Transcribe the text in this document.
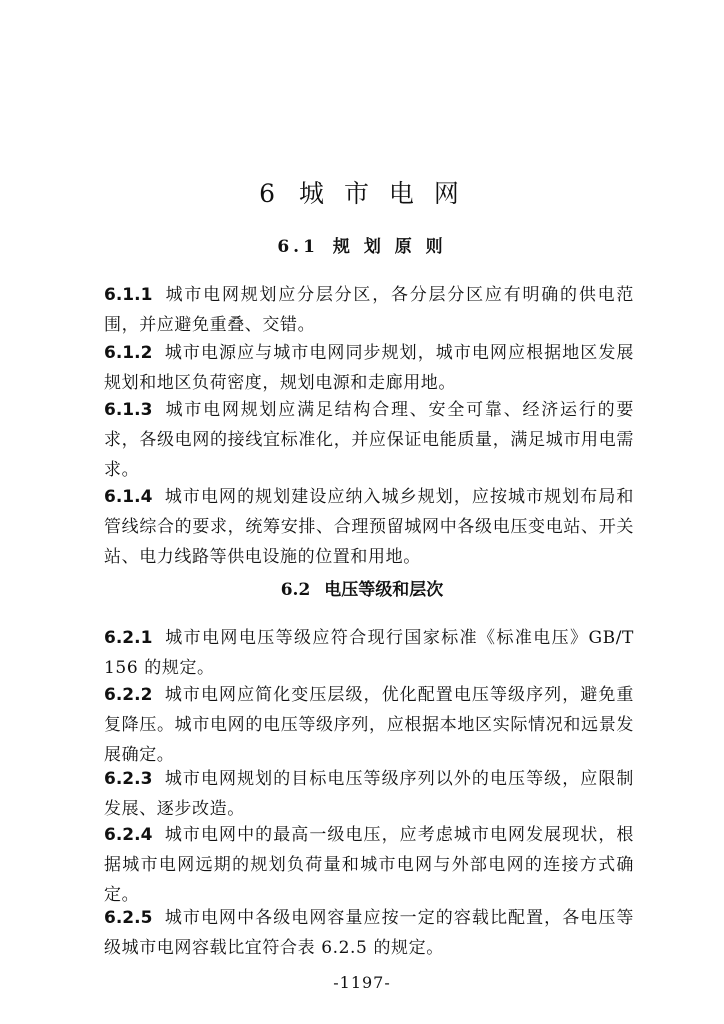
6 城 市 电 网
6.1 规 划 原 则
6.1.1 城市电网规划应分层分区，各分层分区应有明确的供电范围，并应避免重叠、交错。
6.1.2 城市电源应与城市电网同步规划，城市电网应根据地区发展规划和地区负荷密度，规划电源和走廊用地。
6.1.3 城市电网规划应满足结构合理、安全可靠、经济运行的要求，各级电网的接线宜标准化，并应保证电能质量，满足城市用电需求。
6.1.4 城市电网的规划建设应纳入城乡规划，应按城市规划布局和管线综合的要求，统筹安排、合理预留城网中各级电压变电站、开关站、电力线路等供电设施的位置和用地。
6.2 电压等级和层次
6.2.1 城市电网电压等级应符合现行国家标准《标准电压》GB/T 156 的规定。
6.2.2 城市电网应简化变压层级，优化配置电压等级序列，避免重复降压。城市电网的电压等级序列，应根据本地区实际情况和远景发展确定。
6.2.3 城市电网规划的目标电压等级序列以外的电压等级，应限制发展、逐步改造。
6.2.4 城市电网中的最高一级电压，应考虑城市电网发展现状，根据城市电网远期的规划负荷量和城市电网与外部电网的连接方式确定。
6.2.5 城市电网中各级电网容量应按一定的容载比配置，各电压等级城市电网容载比宜符合表 6.2.5 的规定。
-1197-
